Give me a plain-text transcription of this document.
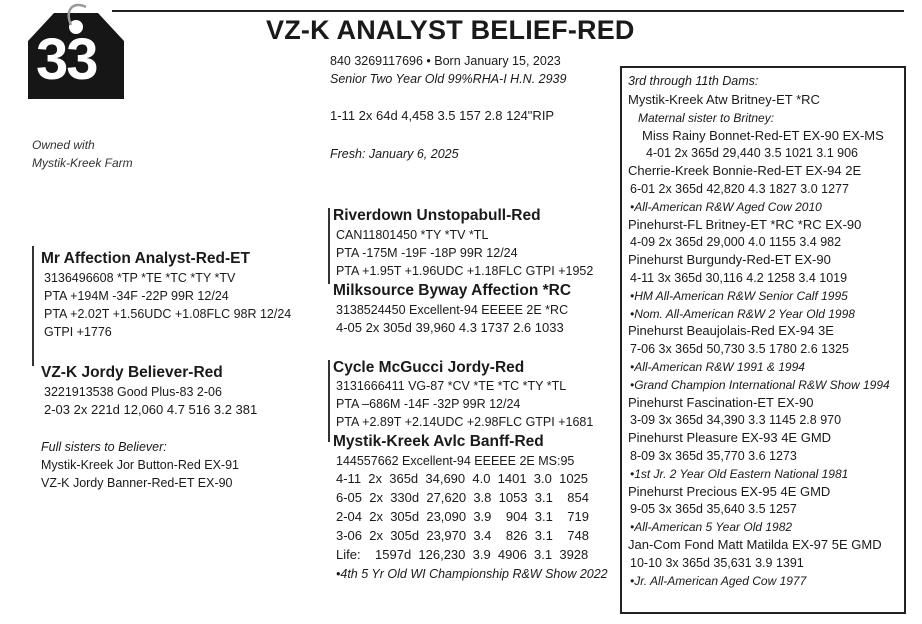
33
Owned with
Mystik-Kreek Farm
VZ-K ANALYST BELIEF-RED
840 3269117696 • Born January 15, 2023
Senior Two Year Old 99%RHA-I H.N. 2939
1-11 2x 64d 4,458 3.5 157 2.8 124"RIP
Fresh: January 6, 2025
Mr Affection Analyst-Red-ET
3136496608 *TP *TE *TC *TY *TV
PTA +194M -34F -22P 99R 12/24
PTA +2.02T +1.56UDC +1.08FLC 98R 12/24
GTPI +1776
VZ-K Jordy Believer-Red
3221913538 Good Plus-83 2-06
2-03 2x 221d 12,060 4.7 516 3.2 381
Full sisters to Believer:
Mystik-Kreek Jor Button-Red EX-91
VZ-K Jordy Banner-Red-ET EX-90
Riverdown Unstopabull-Red
CAN11801450 *TY *TV *TL
PTA -175M -19F -18P 99R 12/24
PTA +1.95T +1.96UDC +1.18FLC GTPI +1952
Milksource Byway Affection *RC
3138524450 Excellent-94 EEEEE 2E *RC
4-05 2x 305d 39,960 4.3 1737 2.6 1033
Cycle McGucci Jordy-Red
3131666411 VG-87 *CV *TE *TC *TY *TL
PTA –686M -14F -32P 99R 12/24
PTA +2.89T +2.14UDC +2.98FLC GTPI +1681
Mystik-Kreek Avlc Banff-Red
144557662 Excellent-94 EEEEE 2E MS:95
4-11  2x  365d  34,690  4.0  1401  3.0  1025
6-05  2x  330d  27,620  3.8  1053  3.1    854
2-04  2x  305d  23,090  3.9    904  3.1    719
3-06  2x  305d  23,970  3.4    826  3.1    748
Life:    1597d  126,230  3.9  4906  3.1  3928
•4th 5 Yr Old WI Championship R&W Show 2022
3rd through 11th Dams:
Mystik-Kreek Atw Britney-ET *RC
Maternal sister to Britney:
Miss Rainy Bonnet-Red-ET EX-90 EX-MS
4-01 2x 365d 29,440 3.5 1021 3.1 906
Cherrie-Kreek Bonnie-Red-ET EX-94 2E
6-01 2x 365d 42,820 4.3 1827 3.0 1277
•All-American R&W Aged Cow 2010
Pinehurst-FL Britney-ET *RC *RC EX-90
4-09 2x 365d 29,000 4.0 1155 3.4 982
Pinehurst Burgundy-Red-ET EX-90
4-11 3x 365d 30,116 4.2 1258 3.4 1019
•HM All-American R&W Senior Calf 1995
•Nom. All-American R&W 2 Year Old 1998
Pinehurst Beaujolais-Red EX-94 3E
7-06 3x 365d 50,730 3.5 1780 2.6 1325
•All-American R&W 1991 & 1994
•Grand Champion International R&W Show 1994
Pinehurst Fascination-ET EX-90
3-09 3x 365d 34,390 3.3 1145 2.8 970
Pinehurst Pleasure EX-93 4E GMD
8-09 3x 365d 35,770 3.6 1273
•1st Jr. 2 Year Old Eastern National 1981
Pinehurst Precious EX-95 4E GMD
9-05 3x 365d 35,640 3.5 1257
•All-American 5 Year Old 1982
Jan-Com Fond Matt Matilda EX-97 5E GMD
10-10 3x 365d 35,631 3.9 1391
•Jr. All-American Aged Cow 1977
